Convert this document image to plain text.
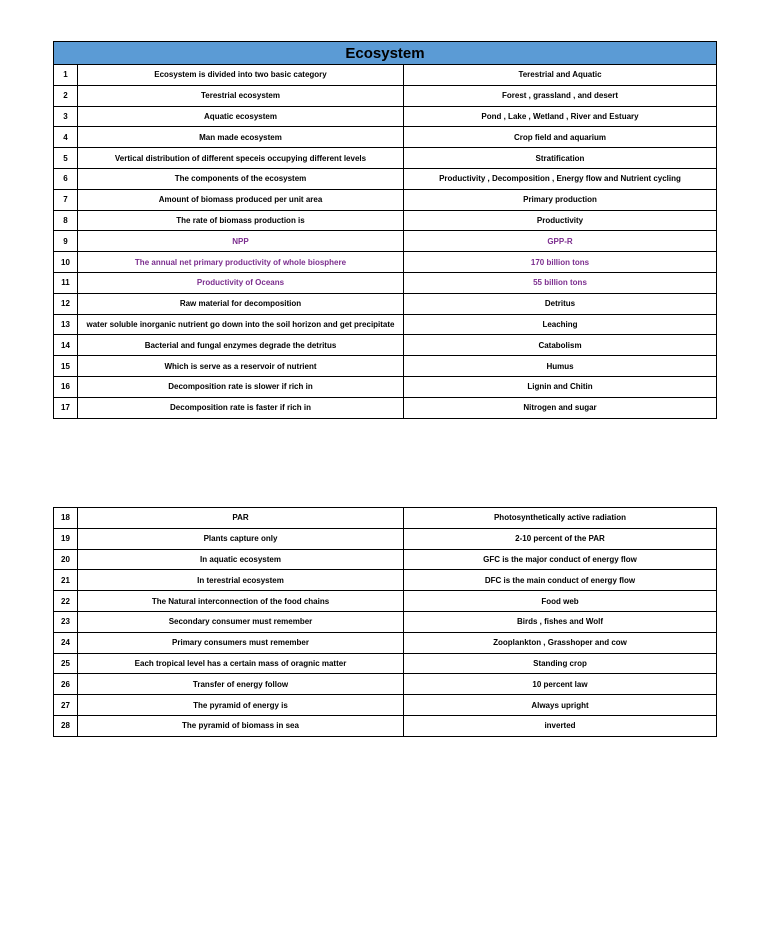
Ecosystem		
1	Ecosystem is divided into two basic category	Terestrial and Aquatic
2	Terestrial ecosystem	Forest , grassland , and desert
3	Aquatic ecosystem	Pond , Lake , Wetland , River and Estuary
4	Man made ecosystem	Crop field and aquarium
5	Vertical distribution of different speceis occupying different levels	Stratification
6	The components of the ecosystem	Productivity , Decomposition , Energy flow and Nutrient cycling
7	Amount of biomass produced per unit area	Primary production
8	The rate of biomass production is	Productivity
9	NPP	GPP-R
10	The annual net primary productivity of whole biosphere	170 billion tons
11	Productivity of Oceans	55 billion tons
12	Raw material for decomposition	Detritus
13	water soluble inorganic nutrient go down into the soil horizon and get precipitate	Leaching
14	Bacterial and fungal enzymes degrade the detritus	Catabolism
15	Which is serve as a reservoir of nutrient	Humus
16	Decomposition rate is slower if rich in	Lignin and Chitin
17	Decomposition rate is faster if rich in	Nitrogen and sugar
18	PAR	Photosynthetically active radiation
19	Plants capture only	2-10 percent of the PAR
20	In aquatic ecosystem	GFC is the major conduct of energy flow
21	In terestrial ecosystem	DFC is the main conduct of energy flow
22	The Natural interconnection of the food chains	Food web
23	Secondary consumer must remember	Birds , fishes and Wolf
24	Primary consumers must remember	Zooplankton , Grasshoper and cow
25	Each tropical level has a certain mass of oragnic matter	Standing crop
26	Transfer of energy follow	10 percent law
27	The pyramid of energy is	Always upright
28	The pyramid of biomass in sea	inverted
